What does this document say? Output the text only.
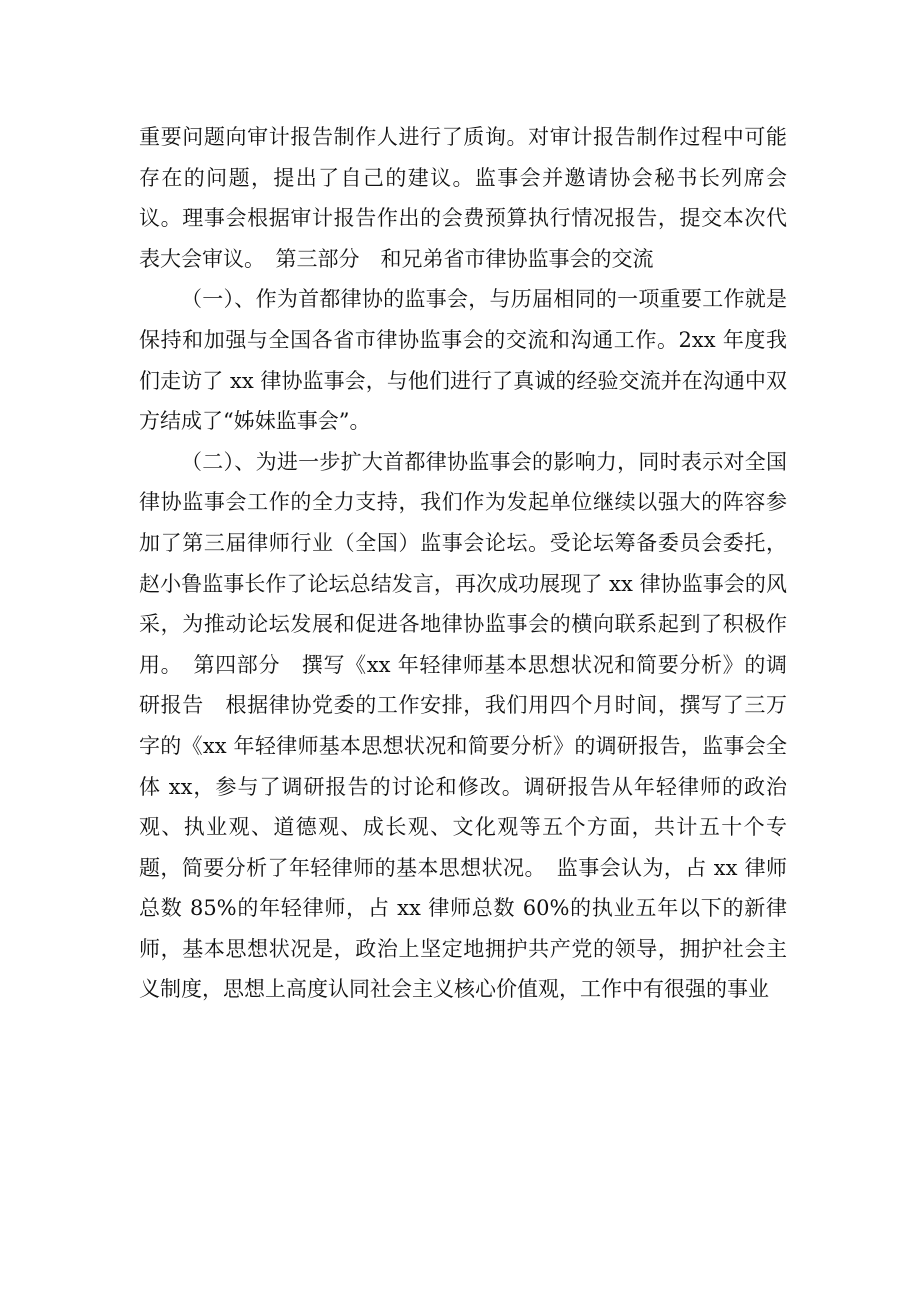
重要问题向审计报告制作人进行了质询。对审计报告制作过程中可能存在的问题，提出了自己的建议。监事会并邀请协会秘书长列席会议。理事会根据审计报告作出的会费预算执行情况报告，提交本次代表大会审议。　第三部分　和兄弟省市律协监事会的交流

（一）、作为首都律协的监事会，与历届相同的一项重要工作就是保持和加强与全国各省市律协监事会的交流和沟通工作。2xx 年度我们走访了 xx 律协监事会，与他们进行了真诚的经验交流并在沟通中双方结成了“姊妹监事会”。

（二）、为进一步扩大首都律协监事会的影响力，同时表示对全国律协监事会工作的全力支持，我们作为发起单位继续以强大的阵容参加了第三届律师行业（全国）监事会论坛。受论坛筹备委员会委托，赵小鲁监事长作了论坛总结发言，再次成功展现了 xx 律协监事会的风采，为推动论坛发展和促进各地律协监事会的横向联系起到了积极作用。　第四部分　撰写《xx 年轻律师基本思想状况和简要分析》的调研报告　根据律协党委的工作安排，我们用四个月时间，撰写了三万字的《xx 年轻律师基本思想状况和简要分析》的调研报告，监事会全体 xx，参与了调研报告的讨论和修改。调研报告从年轻律师的政治观、执业观、道德观、成长观、文化观等五个方面，共计五十个专题，简要分析了年轻律师的基本思想状况。　监事会认为，占 xx 律师总数 85%的年轻律师，占 xx 律师总数 60%的执业五年以下的新律师，基本思想状况是，政治上坚定地拥护共产党的领导，拥护社会主义制度，思想上高度认同社会主义核心价值观，工作中有很强的事业
